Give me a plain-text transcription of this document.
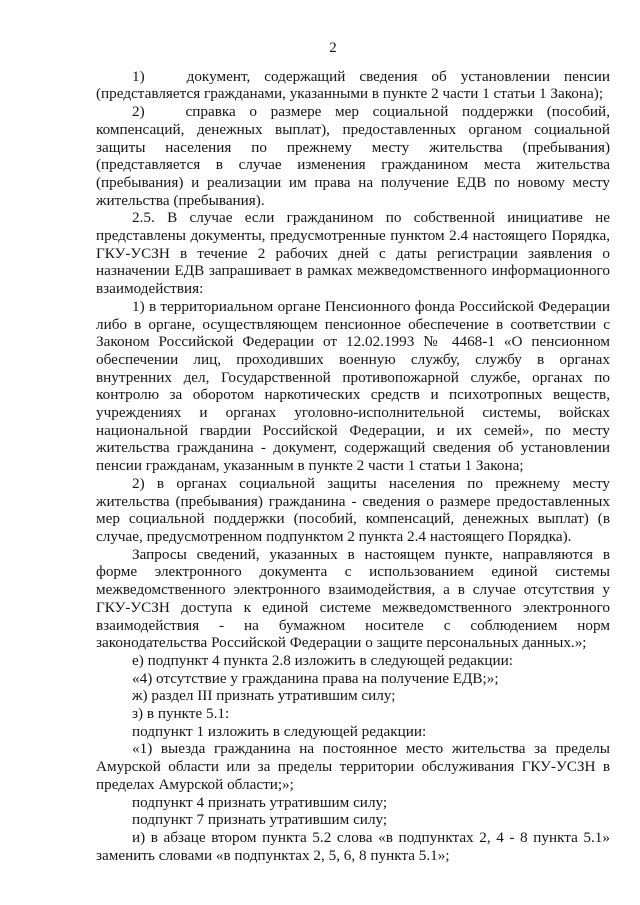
2

1)   документ, содержащий сведения об установлении пенсии (представляется гражданами, указанными в пункте 2 части 1 статьи 1 Закона);

2)   справка о размере мер социальной поддержки (пособий, компенсаций, денежных выплат), предоставленных органом социальной защиты населения по прежнему месту жительства (пребывания) (представляется в случае изменения гражданином места жительства (пребывания) и реализации им права на получение ЕДВ по новому месту жительства (пребывания).

2.5. В случае если гражданином по собственной инициативе не представлены документы, предусмотренные пунктом 2.4 настоящего Порядка, ГКУ-УСЗН в течение 2 рабочих дней с даты регистрации заявления о назначении ЕДВ запрашивает в рамках межведомственного информационного взаимодействия:

1) в территориальном органе Пенсионного фонда Российской Федерации либо в органе, осуществляющем пенсионное обеспечение в соответствии с Законом Российской Федерации от 12.02.1993 № 4468-1 «О пенсионном обеспечении лиц, проходивших военную службу, службу в органах внутренних дел, Государственной противопожарной службе, органах по контролю за оборотом наркотических средств и психотропных веществ, учреждениях и органах уголовно-исполнительной системы, войсках национальной гвардии Российской Федерации, и их семей», по месту жительства гражданина - документ, содержащий сведения об установлении пенсии гражданам, указанным в пункте 2 части 1 статьи 1 Закона;

2) в органах социальной защиты населения по прежнему месту жительства (пребывания) гражданина - сведения о размере предоставленных мер социальной поддержки (пособий, компенсаций, денежных выплат) (в случае, предусмотренном подпунктом 2 пункта 2.4 настоящего Порядка).

Запросы сведений, указанных в настоящем пункте, направляются в форме электронного документа с использованием единой системы межведомственного электронного взаимодействия, а в случае отсутствия у ГКУ-УСЗН доступа к единой системе межведомственного электронного взаимодействия - на бумажном носителе с соблюдением норм законодательства Российской Федерации о защите персональных данных.»;

е) подпункт 4 пункта 2.8 изложить в следующей редакции:

«4) отсутствие у гражданина права на получение ЕДВ;»;

ж) раздел III признать утратившим силу;

з) в пункте 5.1:

подпункт 1 изложить в следующей редакции:

«1) выезда гражданина на постоянное место жительства за пределы Амурской области или за пределы территории обслуживания ГКУ-УСЗН в пределах Амурской области;»;

подпункт 4 признать утратившим силу;

подпункт 7 признать утратившим силу;

и) в абзаце втором пункта 5.2 слова «в подпунктах 2, 4 - 8 пункта 5.1» заменить словами «в подпунктах 2, 5, 6, 8 пункта 5.1»;
